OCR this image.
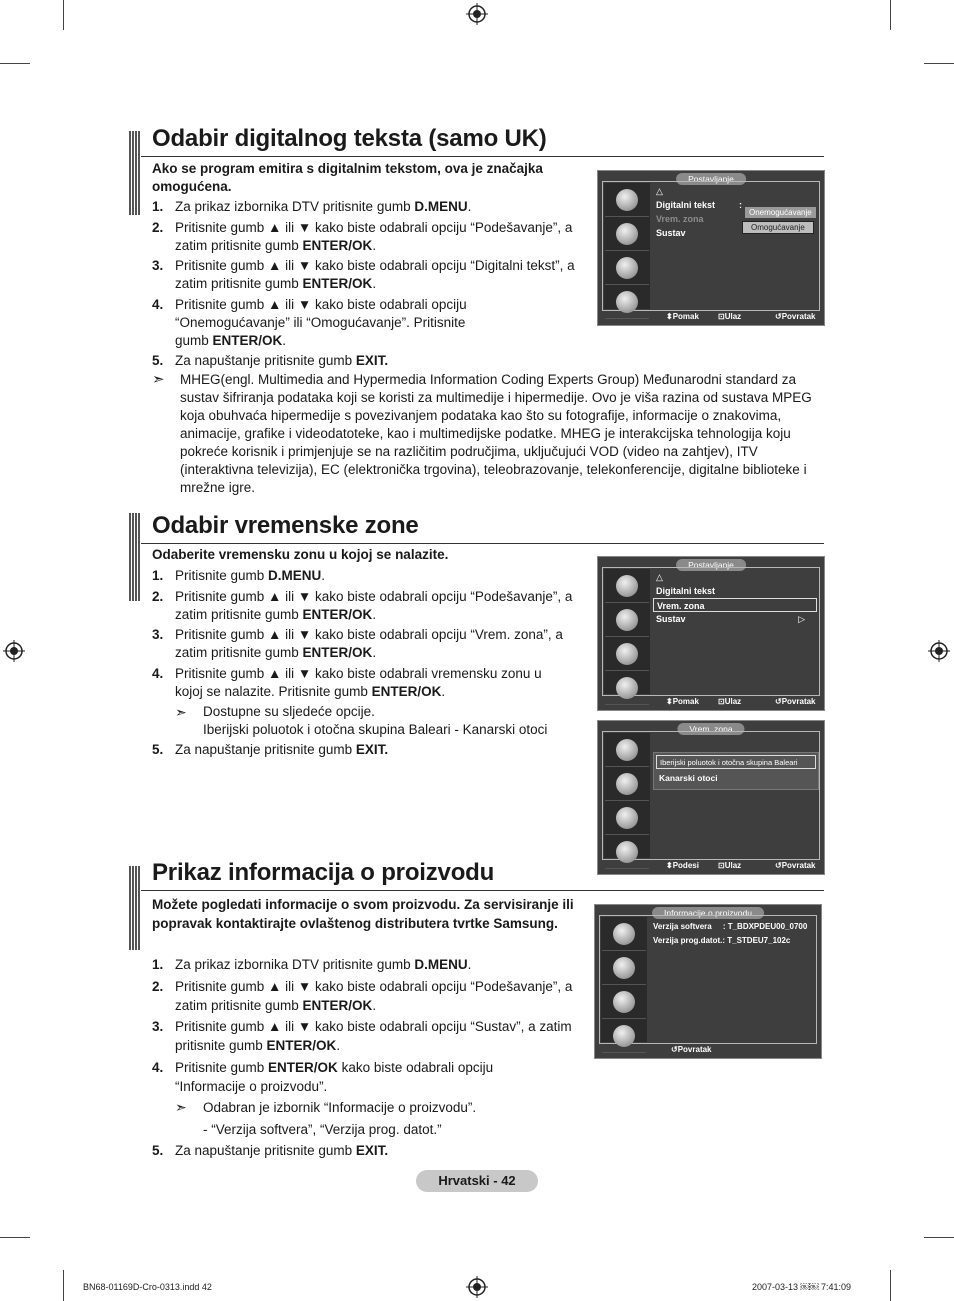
Odabir digitalnog teksta (samo UK)
Ako se program emitira s digitalnim tekstom, ova je značajka omogućena.
1. Za prikaz izbornika DTV pritisnite gumb D.MENU.
2. Pritisnite gumb ▲ ili ▼ kako biste odabrali opciju “Podešavanje”, a zatim pritisnite gumb ENTER/OK.
3. Pritisnite gumb ▲ ili ▼ kako biste odabrali opciju “Digitalni tekst”, a zatim pritisnite gumb ENTER/OK.
4. Pritisnite gumb ▲ ili ▼ kako biste odabrali opciju “Onemogućavanje” ili “Omogućavanje”. Pritisnite gumb ENTER/OK.
5. Za napuštanje pritisnite gumb EXIT.
➣ MHEG(engl. Multimedia and Hypermedia Information Coding Experts Group) Međunarodni standard za sustav šifriranja podataka koji se koristi za multimedije i hipermedije. Ovo je viša razina od sustava MPEG koja obuhvaća hipermedije s povezivanjem podataka kao što su fotografije, informacije o znakovima, animacije, grafike i videodatoteke, kao i multimedijske podatke. MHEG je interakcijska tehnologija koju pokreće korisnik i primjenjuje se na različitim područjima, uključujući VOD (video na zahtjev), ITV (interaktivna televizija), EC (elektronička trgovina), teleobrazovanje, telekonferencije, digitalne biblioteke i mrežne igre.
Postavljanje
△
Digitalni tekst
Vrem. zona
Sustav
:
Onemogućavanje
Omogućavanje
⬍Pomak ⊡Ulaz	↺Povratak
Odabir vremenske zone
Odaberite vremensku zonu u kojoj se nalazite.
1. Pritisnite gumb D.MENU.
2. Pritisnite gumb ▲ ili ▼ kako biste odabrali opciju “Podešavanje”, a zatim pritisnite gumb ENTER/OK.
3. Pritisnite gumb ▲ ili ▼ kako biste odabrali opciju “Vrem. zona”, a zatim pritisnite gumb ENTER/OK.
4. Pritisnite gumb ▲ ili ▼ kako biste odabrali vremensku zonu u kojoj se nalazite. Pritisnite gumb ENTER/OK.
➣ Dostupne su sljedeće opcije.
Iberijski poluotok i otočna skupina Baleari - Kanarski otoci
5. Za napuštanje pritisnite gumb EXIT.
Postavljanje
△
Digitalni tekst
Vrem. zona
Sustav	▷
⬍Pomak ⊡Ulaz	↺Povratak
Vrem. zona
Iberijski poluotok i otočna skupina Baleari
Kanarski otoci
⬍Podesi ⊡Ulaz	↺Povratak
Prikaz informacija o proizvodu
Možete pogledati informacije o svom proizvodu. Za servisiranje ili popravak kontaktirajte ovlaštenog distributera tvrtke Samsung.
1. Za prikaz izbornika DTV pritisnite gumb D.MENU.
2. Pritisnite gumb ▲ ili ▼ kako biste odabrali opciju “Podešavanje”, a zatim pritisnite gumb ENTER/OK.
3. Pritisnite gumb ▲ ili ▼ kako biste odabrali opciju “Sustav”, a zatim pritisnite gumb ENTER/OK.
4. Pritisnite gumb ENTER/OK kako biste odabrali opciju “Informacije o proizvodu”.
➣ Odabran je izbornik “Informacije o proizvodu”.
- “Verzija softvera”, “Verzija prog. datot.”
5. Za napuštanje pritisnite gumb EXIT.
Informacije o proizvodu
Verzija softvera     : T_BDXPDEU00_0700
Verzija prog.datot.: T_STDEU7_102c
↺Povratak
Hrvatski - 42
BN68-01169D-Cro-0313.indd 42	2007-03-13 ￼￼ 7:41:09
